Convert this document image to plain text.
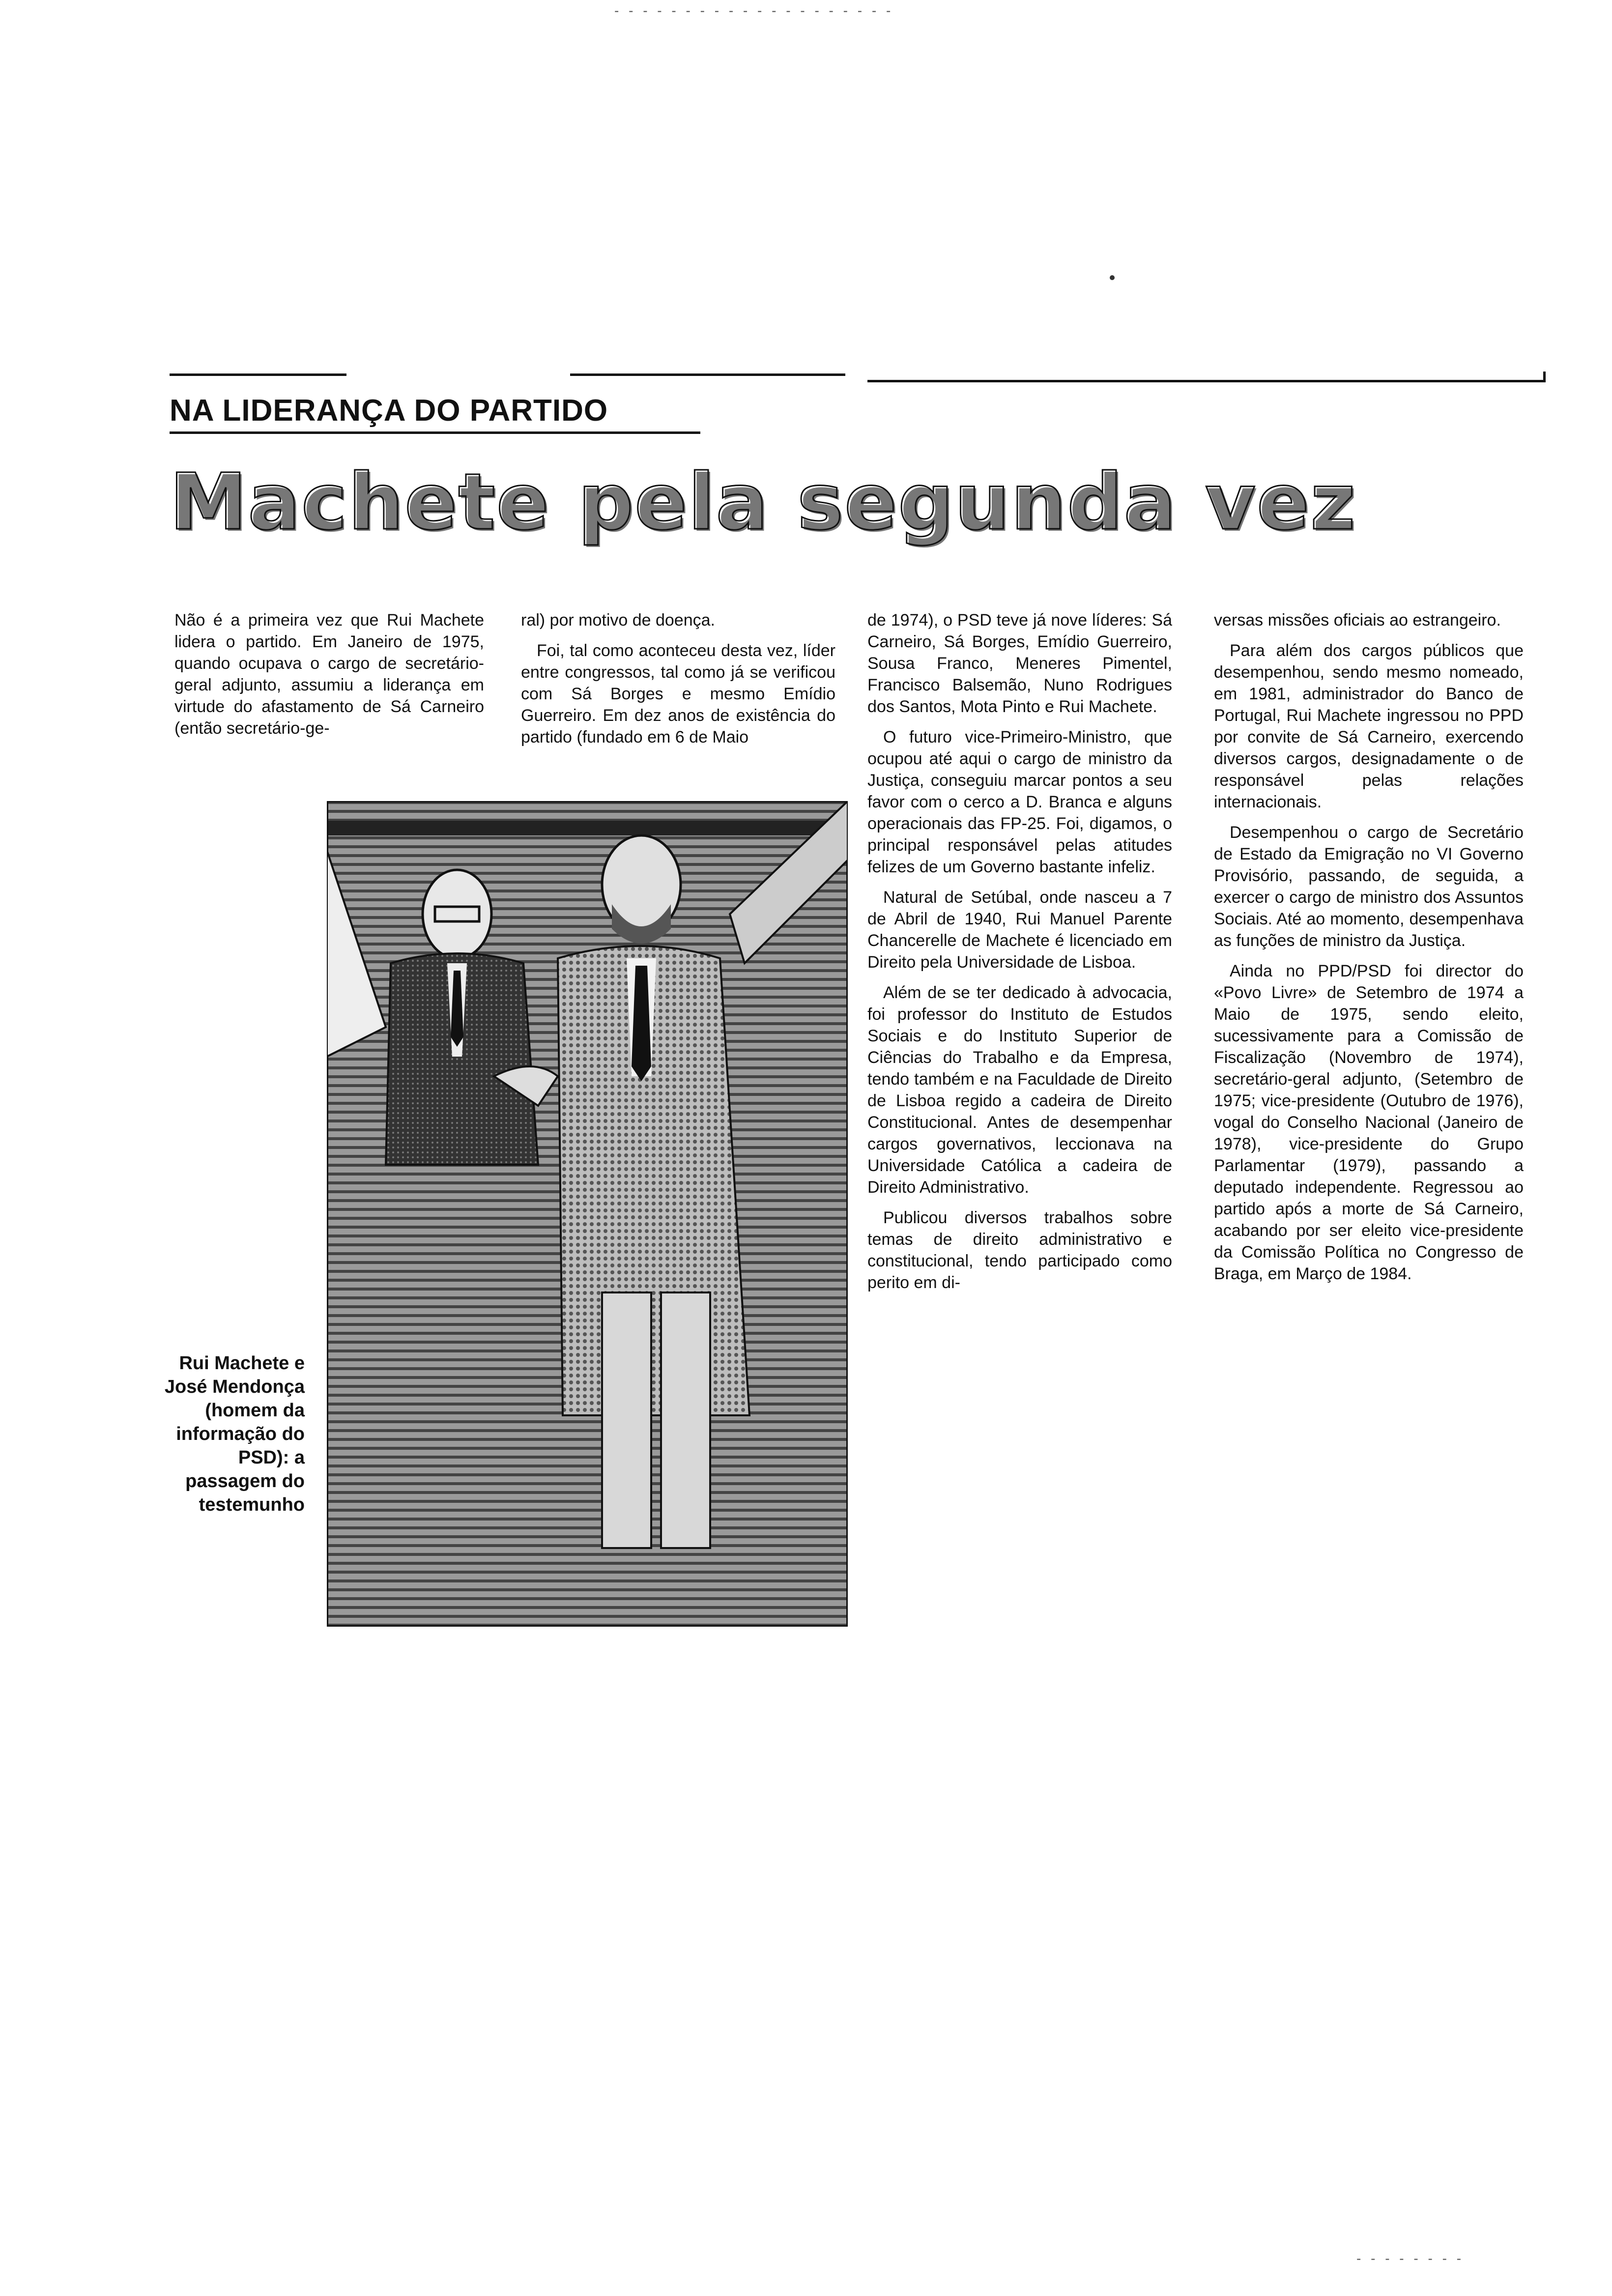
- - - - - - - - - - - - - - - - - - - -
- - - - - - - -
NA LIDERANÇA DO PARTIDO
Machete pela segunda vez

Não é a primeira vez que Rui Machete lidera o partido. Em Janeiro de 1975, quando ocupava o cargo de secretário-geral adjunto, assumiu a liderança em virtude do afastamento de Sá Carneiro (então secretário-ge-

ral) por motivo de doença.

Foi, tal como aconteceu desta vez, líder entre congressos, tal como já se verificou com Sá Borges e mesmo Emídio Guerreiro. Em dez anos de existência do partido (fundado em 6 de Maio

de 1974), o PSD teve já nove líderes: Sá Carneiro, Sá Borges, Emídio Guerreiro, Sousa Franco, Meneres Pimentel, Francisco Balsemão, Nuno Rodrigues dos Santos, Mota Pinto e Rui Machete.

O futuro vice-Primeiro-Ministro, que ocupou até aqui o cargo de ministro da Justiça, conseguiu marcar pontos a seu favor com o cerco a D. Branca e alguns operacionais das FP-25. Foi, digamos, o principal responsável pelas atitudes felizes de um Governo bastante infeliz.

Natural de Setúbal, onde nasceu a 7 de Abril de 1940, Rui Manuel Parente Chancerelle de Machete é licenciado em Direito pela Universidade de Lisboa.

Além de se ter dedicado à advocacia, foi professor do Instituto de Estudos Sociais e do Instituto Superior de Ciências do Trabalho e da Empresa, tendo também e na Faculdade de Direito de Lisboa regido a cadeira de Direito Constitucional. Antes de desempenhar cargos governativos, leccionava na Universidade Católica a cadeira de Direito Administrativo.

Publicou diversos trabalhos sobre temas de direito administrativo e constitucional, tendo participado como perito em di-

versas missões oficiais ao estrangeiro.

Para além dos cargos públicos que desempenhou, sendo mesmo nomeado, em 1981, administrador do Banco de Portugal, Rui Machete ingressou no PPD por convite de Sá Carneiro, exercendo diversos cargos, designadamente o de responsável pelas relações internacionais.

Desempenhou o cargo de Secretário de Estado da Emigração no VI Governo Provisório, passando, de seguida, a exercer o cargo de ministro dos Assuntos Sociais. Até ao momento, desempenhava as funções de ministro da Justiça.

Ainda no PPD/PSD foi director do «Povo Livre» de Setembro de 1974 a Maio de 1975, sendo eleito, sucessivamente para a Comissão de Fiscalização (Novembro de 1974), secretário-geral adjunto, (Setembro de 1975; vice-presidente (Outubro de 1976), vogal do Conselho Nacional (Janeiro de 1978), vice-presidente do Grupo Parlamentar (1979), passando a deputado independente. Regressou ao partido após a morte de Sá Carneiro, acabando por ser eleito vice-presidente da Comissão Política no Congresso de Braga, em Março de 1984.

Rui Machete e José Mendonça (homem da informação do PSD): a passagem do testemunho
